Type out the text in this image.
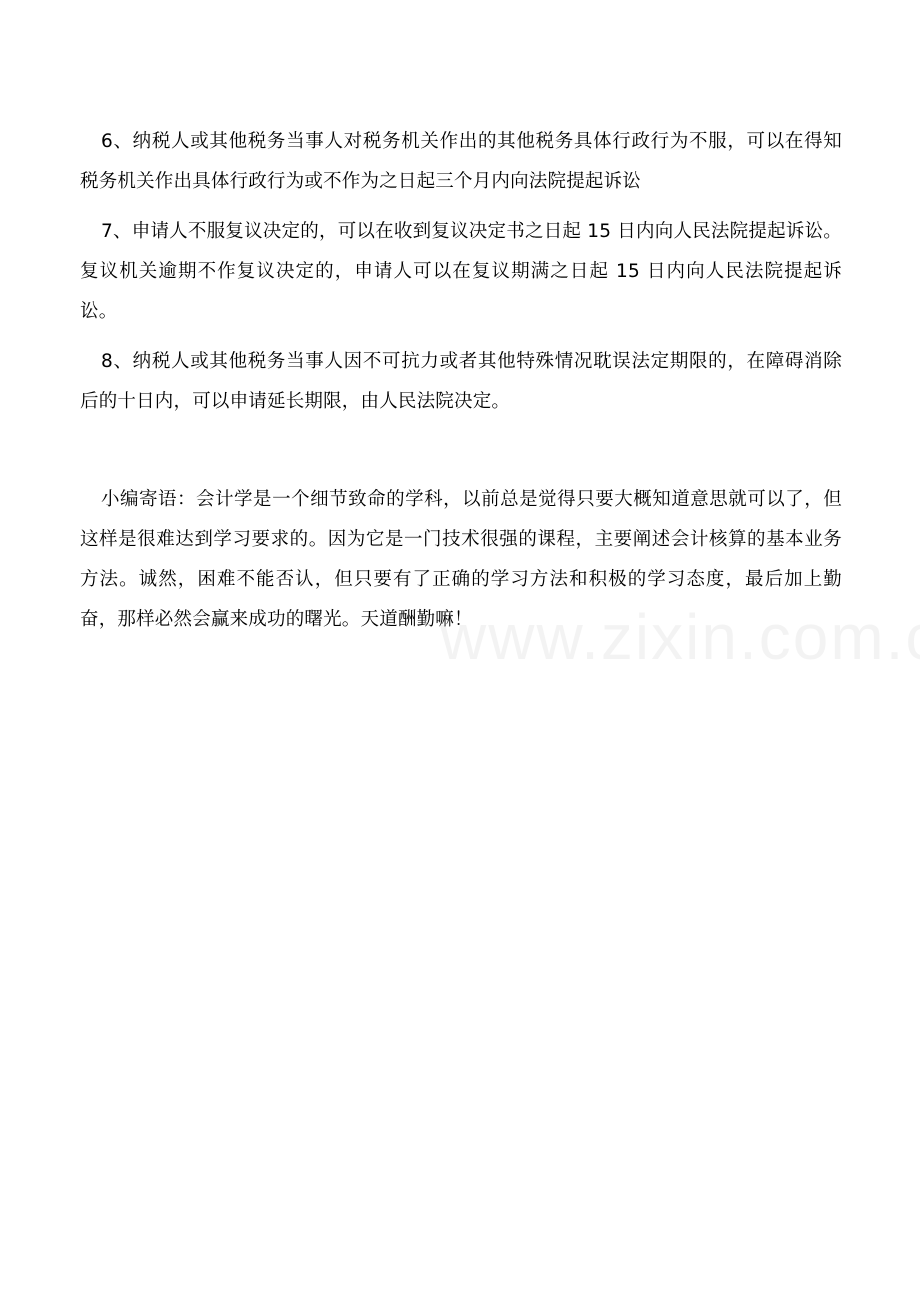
6、纳税人或其他税务当事人对税务机关作出的其他税务具体行政行为不服，可以在得知税务机关作出具体行政行为或不作为之日起三个月内向法院提起诉讼

7、申请人不服复议决定的，可以在收到复议决定书之日起 15 日内向人民法院提起诉讼。复议机关逾期不作复议决定的，申请人可以在复议期满之日起 15 日内向人民法院提起诉讼。

8、纳税人或其他税务当事人因不可抗力或者其他特殊情况耽误法定期限的，在障碍消除后的十日内，可以申请延长期限，由人民法院决定。

小编寄语：会计学是一个细节致命的学科，以前总是觉得只要大概知道意思就可以了，但这样是很难达到学习要求的。因为它是一门技术很强的课程，主要阐述会计核算的基本业务方法。诚然，困难不能否认，但只要有了正确的学习方法和积极的学习态度，最后加上勤奋，那样必然会赢来成功的曙光。天道酬勤嘛！
